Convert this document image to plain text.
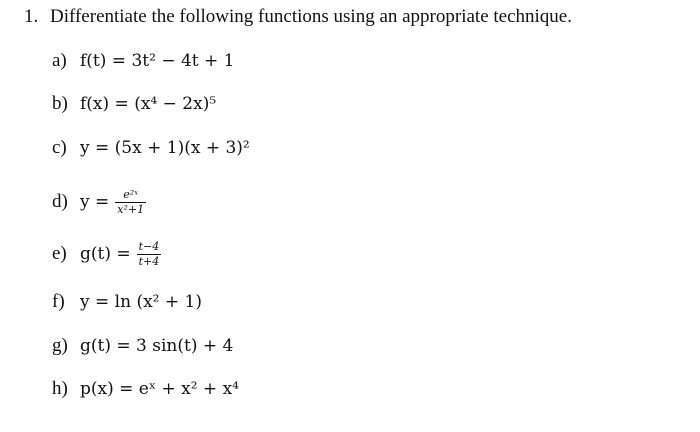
1. Differentiate the following functions using an appropriate technique.
a) f(t) =
3t² − 4t + 1
b) f(x) =
(x⁴ − 2x)⁵
c) y =
(5x + 1)(x + 3)²
d) $y = \frac{\text{e²ˣ}}{\text{x²+1}}$
e) $g(t) = \frac{t-4}{t+4}$
f) y =
ln (x² + 1)
g) g(t) =
3 sin(t) + 4
h) p(x) =
eˣ + x² + x⁴
